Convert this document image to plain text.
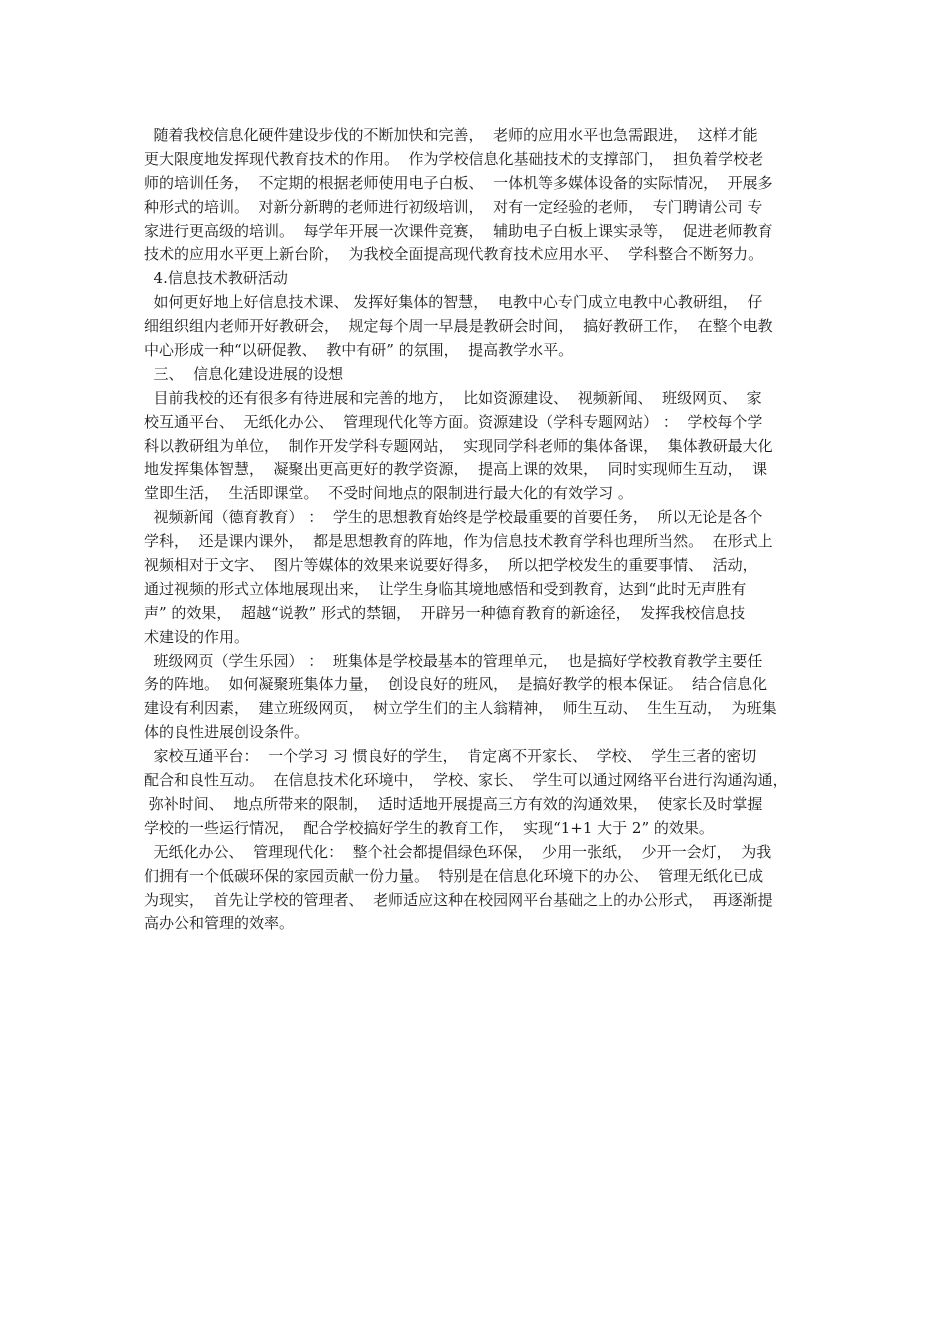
随着我校信息化硬件建设步伐的不断加快和完善，  老师的应用水平也急需跟进，  这样才能
更大限度地发挥现代教育技术的作用。  作为学校信息化基础技术的支撑部门，  担负着学校老
师的培训任务，  不定期的根据老师使用电子白板、  一体机等多媒体设备的实际情况，  开展多
种形式的培训。  对新分新聘的老师进行初级培训，  对有一定经验的老师，  专门聘请公司 专
家进行更高级的培训。  每学年开展一次课件竞赛，  辅助电子白板上课实录等，  促进老师教育
技术的应用水平更上新台阶，  为我校全面提高现代教育技术应用水平、  学科整合不断努力。
4.信息技术教研活动
如何更好地上好信息技术课、 发挥好集体的智慧，  电教中心专门成立电教中心教研组，  仔
细组织组内老师开好教研会，  规定每个周一早晨是教研会时间，  搞好教研工作，  在整个电教
中心形成一种“以研促教、  教中有研” 的氛围，  提高教学水平。
三、  信息化建设进展的设想
目前我校的还有很多有待进展和完善的地方，  比如资源建设、  视频新闻、  班级网页、  家
校互通平台、  无纸化办公、  管理现代化等方面。资源建设（学科专题网站） ：  学校每个学
科以教研组为单位，  制作开发学科专题网站，  实现同学科老师的集体备课，  集体教研最大化
地发挥集体智慧，  凝聚出更高更好的教学资源，  提高上课的效果，  同时实现师生互动，  课
堂即生活，  生活即课堂。  不受时间地点的限制进行最大化的有效学习 。
视频新闻（德育教育） ：  学生的思想教育始终是学校最重要的首要任务，  所以无论是各个
学科，  还是课内课外，  都是思想教育的阵地，作为信息技术教育学科也理所当然。  在形式上
视频相对于文字、  图片等媒体的效果来说要好得多，  所以把学校发生的重要事情、  活动，
通过视频的形式立体地展现出来，  让学生身临其境地感悟和受到教育，达到“此时无声胜有
声” 的效果，  超越“说教” 形式的禁锢，  开辟另一种德育教育的新途径，  发挥我校信息技
术建设的作用。
班级网页（学生乐园） ：  班集体是学校最基本的管理单元，  也是搞好学校教育教学主要任
务的阵地。  如何凝聚班集体力量，  创设良好的班风，  是搞好教学的根本保证。  结合信息化
建设有利因素，  建立班级网页，  树立学生们的主人翁精神，  师生互动、  生生互动，  为班集
体的良性进展创设条件。
家校互通平台：  一个学习 习 惯良好的学生，  肯定离不开家长、  学校、  学生三者的密切
配合和良性互动。  在信息技术化环境中，  学校、家长、  学生可以通过网络平台进行沟通沟通，
弥补时间、  地点所带来的限制，  适时适地开展提高三方有效的沟通效果，  使家长及时掌握
学校的一些运行情况，  配合学校搞好学生的教育工作，  实现“1+1 大于 2” 的效果。
无纸化办公、  管理现代化：  整个社会都提倡绿色环保，  少用一张纸，  少开一会灯，  为我
们拥有一个低碳环保的家园贡献一份力量。  特别是在信息化环境下的办公、  管理无纸化已成
为现实，  首先让学校的管理者、  老师适应这种在校园网平台基础之上的办公形式，  再逐渐提
高办公和管理的效率。
